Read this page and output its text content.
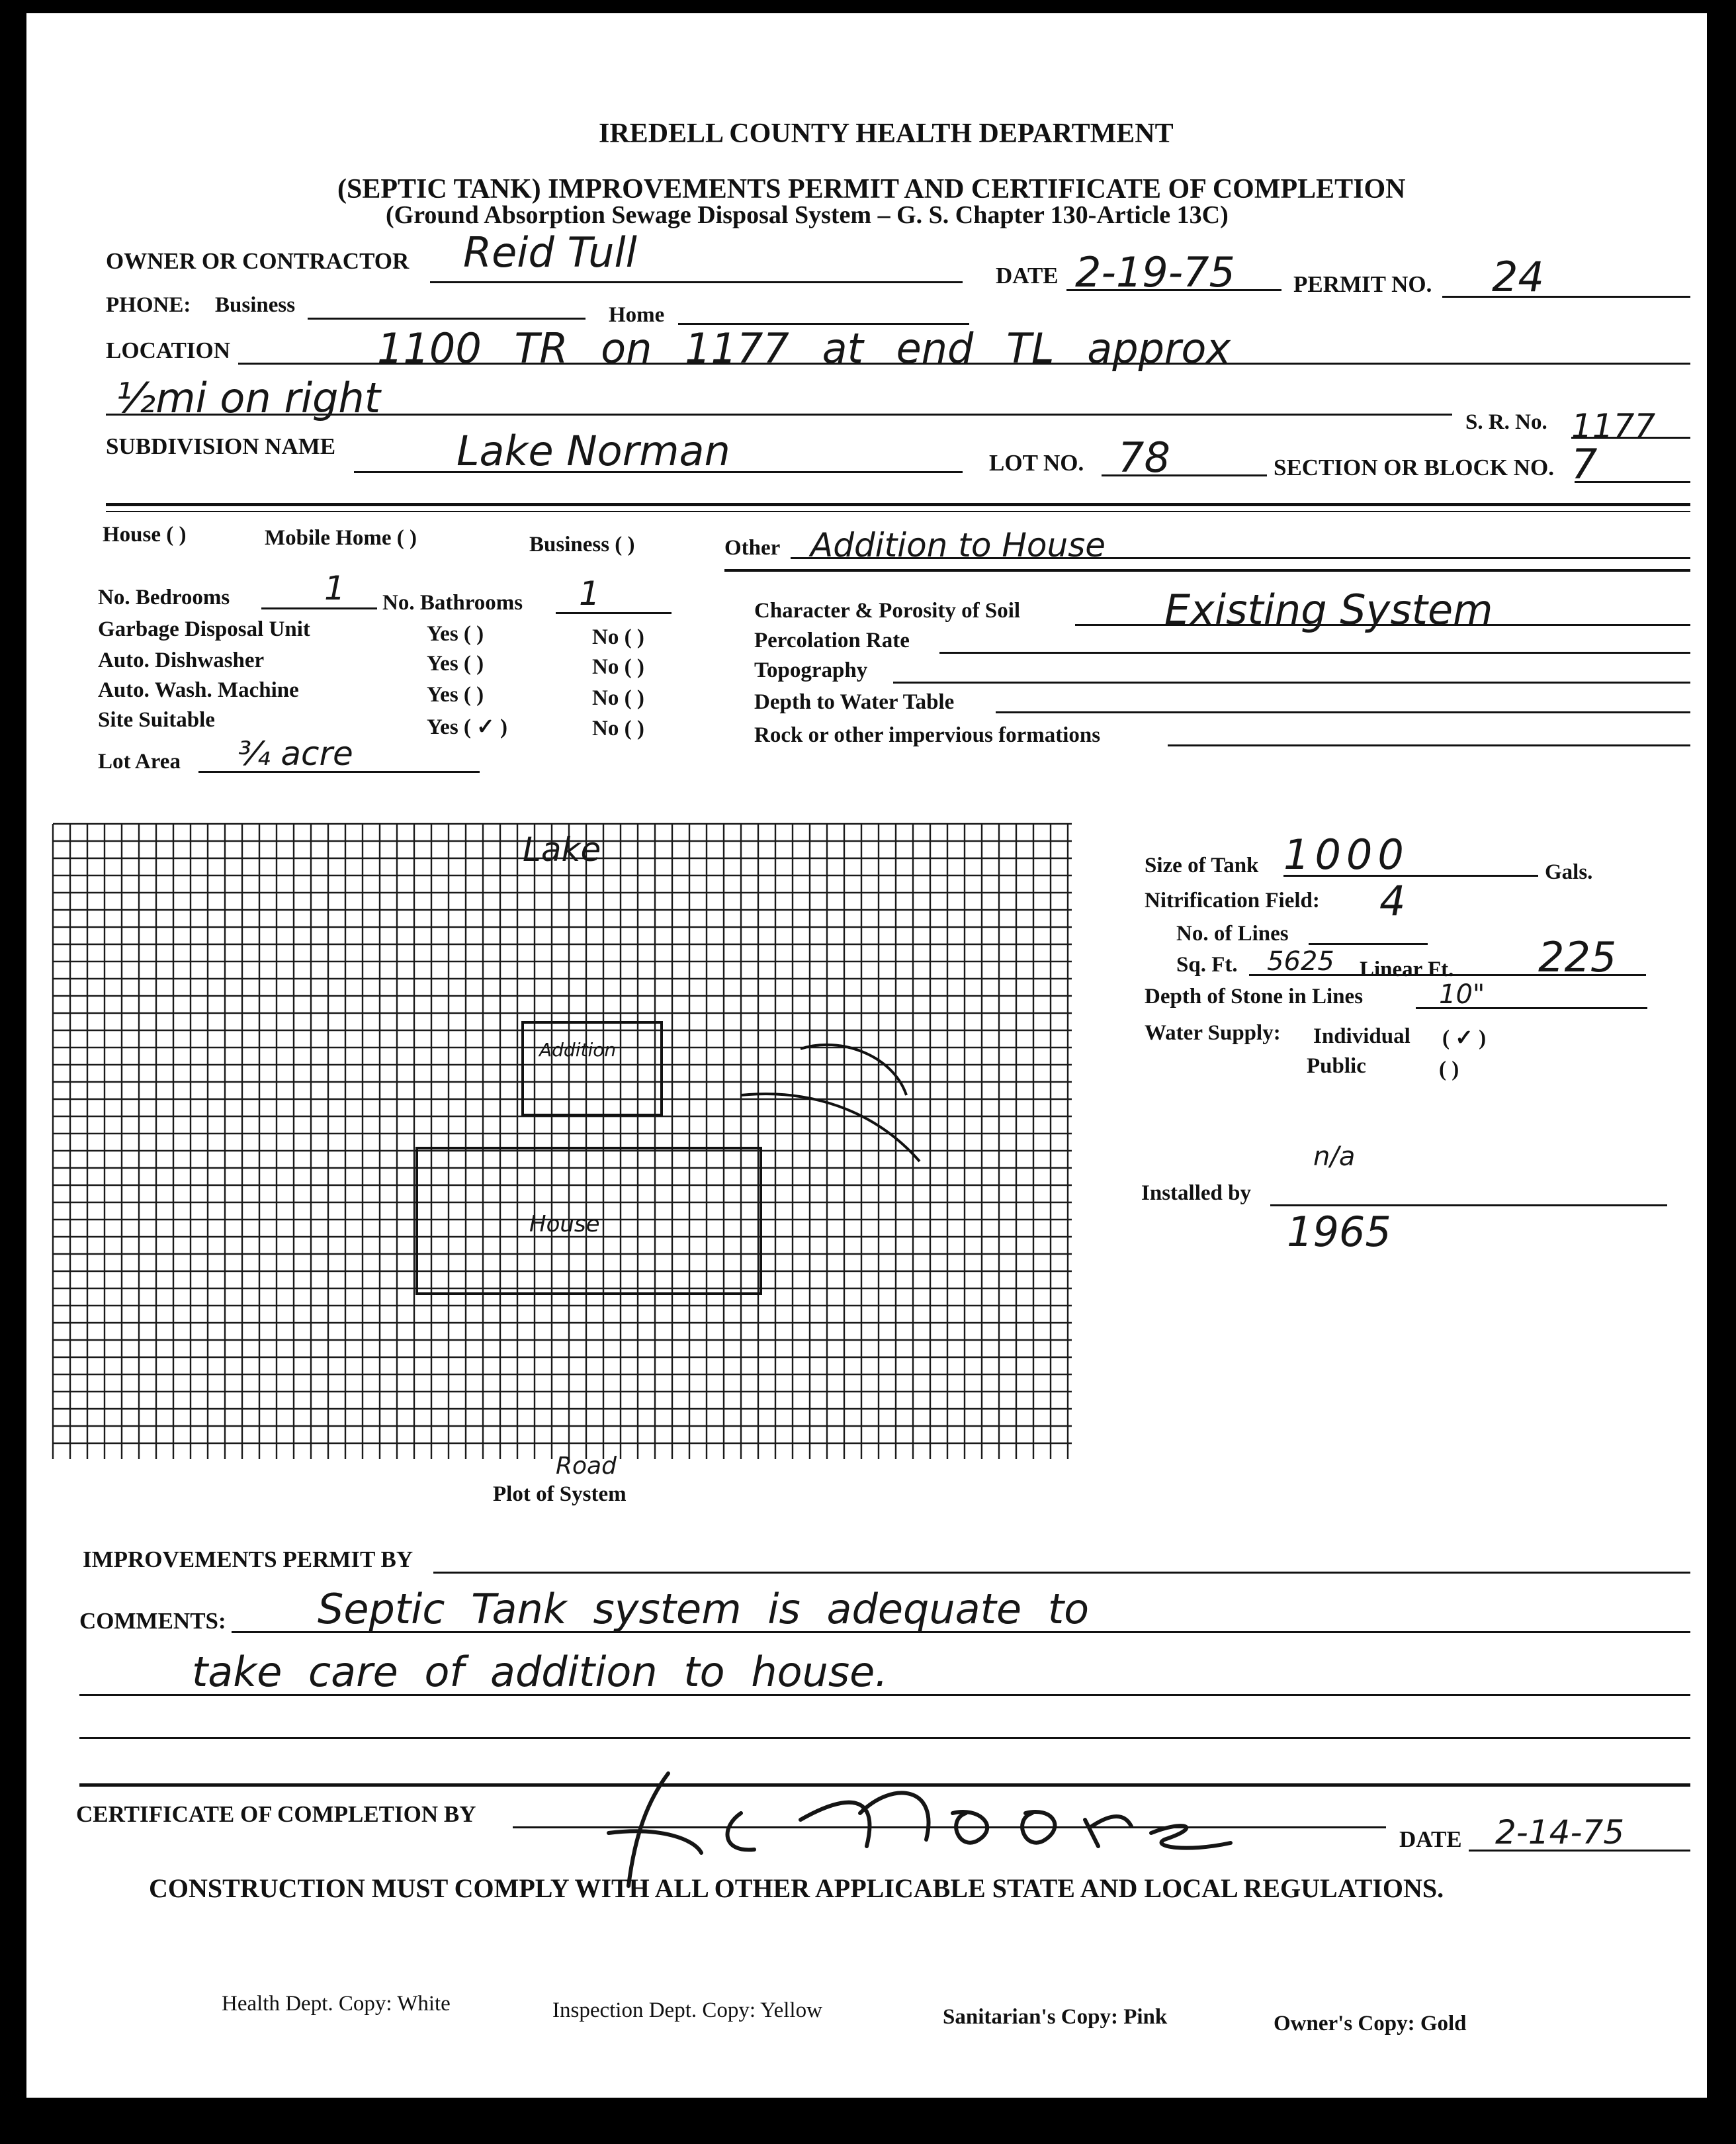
IREDELL COUNTY HEALTH DEPARTMENT
(SEPTIC TANK) IMPROVEMENTS PERMIT AND CERTIFICATE OF COMPLETION
(Ground Absorption Sewage Disposal System – G. S. Chapter 130-Article 13C)
OWNER OR CONTRACTOR Reid Tull	DATE 2-19-75	PERMIT NO. 24
PHONE: Business	Home
LOCATION	1100 TR on 1177 at end TL approx
½mi on right	S. R. No. 1177
SUBDIVISION NAME	Lake Norman	LOT NO. 78	SECTION OR BLOCK NO. 7
House ( )	Mobile Home ( )	Business ( )	Other Addition to House
No. Bedrooms	1 No. Bathrooms 1
Garbage Disposal Unit	Yes ( )	No ( )
Auto. Dishwasher	Yes ( )	No ( )
Auto. Wash. Machine	Yes ( )	No ( )
Site Suitable	Yes ( ✓ )	No ( )
Lot Area ¾ acre
Character & Porosity of Soil	Existing System
Percolation Rate
Topography
Depth to Water Table
Rock or other impervious formations
Lake
Addition
House
Road
Plot of System
Size of Tank 1000	Gals.
Nitrification Field: 4
No. of Lines
Sq. Ft. 5625 Linear Ft. 225
Depth of Stone in Lines	10"
Water Supply: Individual ( ✓ )
Public	( )
n/a
Installed by
1965
IMPROVEMENTS PERMIT BY
COMMENTS: Septic Tank system is adequate to
take care of addition to house.
CERTIFICATE OF COMPLETION BY
DATE 2-14-75
CONSTRUCTION MUST COMPLY WITH ALL OTHER APPLICABLE STATE AND LOCAL REGULATIONS.
Health Dept. Copy: White	Inspection Dept. Copy: Yellow	Sanitarian's Copy: Pink	Owner's Copy: Gold
